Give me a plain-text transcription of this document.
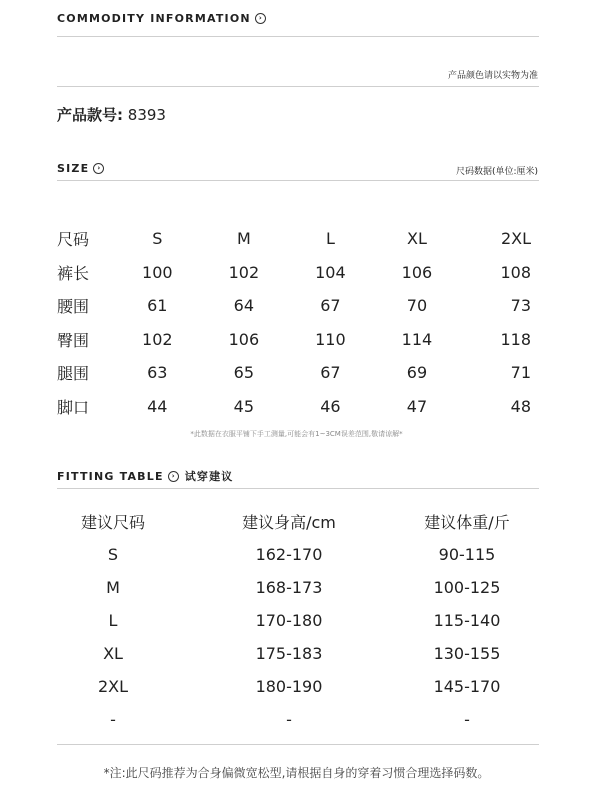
COMMODITY INFORMATION	›
产品颜色请以实物为准
产品款号: 8393
SIZE	›	尺码数据(单位:厘米)
尺码	S	M	L	XL	2XL
裤长	100	102	104	106	108
腰围	61	64	67	70	73
臀围	102	106	110	114	118
腿围	63	65	67	69	71
脚口	44	45	46	47	48
*此数据在衣服平铺下手工测量,可能会有1~3CM误差范围,敬请谅解*
FITTING TABLE	› 试穿建议
建议尺码	建议身高/cm	建议体重/斤
S	162-170	90-115
M	168-173	100-125
L	170-180	115-140
XL	175-183	130-155
2XL	180-190	145-170
-	-	-
*注:此尺码推荐为合身偏微宽松型,请根据自身的穿着习惯合理选择码数。
